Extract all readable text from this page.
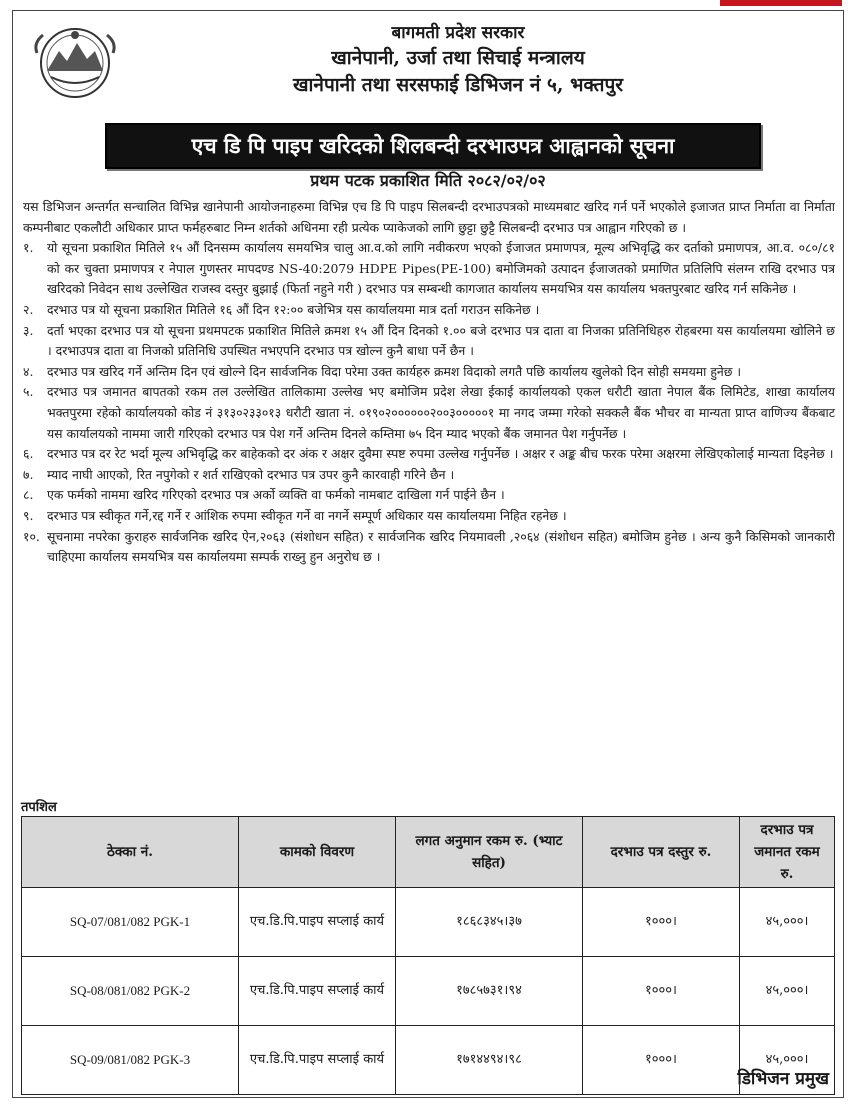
बागमती प्रदेश सरकार
खानेपानी, उर्जा तथा सिचाई मन्त्रालय
खानेपानी तथा सरसफाई डिभिजन नं ५, भक्तपुर
एच डि पि पाइप खरिदको शिलबन्दी दरभाउपत्र आह्वानको सूचना
प्रथम पटक प्रकाशित मिति २०८२/०२/०२

यस डिभिजन अन्तर्गत सन्चालित विभिन्न खानेपानी आयोजनाहरुमा विभिन्न एच डि पि पाइप सिलबन्दी दरभाउपत्रको माध्यमबाट खरिद गर्न पर्ने भएकोले इजाजत प्राप्त निर्माता वा निर्माता कम्पनीबाट एकलौटी अधिकार प्राप्त फर्महरुबाट निम्न शर्तको अधिनमा रही प्रत्येक प्याकेजको लागि छुट्टा छुट्टै सिलबन्दी दरभाउ पत्र आह्वान गरिएको छ ।

१.	यो सूचना प्रकाशित मितिले १५ औं दिनसम्म कार्यालय समयभित्र चालु आ.व.को लागि नवीकरण भएको ईजाजत प्रमाणपत्र, मूल्य अभिवृद्धि कर दर्ताको प्रमाणपत्र, आ.व. ०८०/८१ को कर चुक्ता प्रमाणपत्र र नेपाल गुणस्तर मापदण्ड NS-40:2079 HDPE Pipes(PE-100) बमोजिमको उत्पादन ईजाजतको प्रमाणित प्रतिलिपि संलग्न राखि दरभाउ पत्र खरिदको निवेदन साथ उल्लेखित राजस्व दस्तुर बुझाई (फिर्ता नहुने गरी ) दरभाउ पत्र सम्बन्धी कागजात कार्यालय समयभित्र यस कार्यालय भक्तपुरबाट खरिद गर्न सकिनेछ ।
२.	दरभाउ पत्र यो सूचना प्रकाशित मितिले १६ औं दिन १२:०० बजेभित्र यस कार्यालयमा मात्र दर्ता गराउन सकिनेछ ।
३.	दर्ता भएका दरभाउ पत्र यो सूचना प्रथमपटक प्रकाशित मितिले क्रमश १५ औं दिन दिनको १.०० बजे दरभाउ पत्र दाता वा निजका प्रतिनिधिहरु रोहबरमा यस कार्यालयमा खोलिने छ । दरभाउपत्र दाता वा निजको प्रतिनिधि उपस्थित नभएपनि दरभाउ पत्र खोल्न कुनै बाधा पर्ने छैन ।
४.	दरभाउ पत्र खरिद गर्ने अन्तिम दिन एवं खोल्ने दिन सार्वजनिक विदा परेमा उक्त कार्यहरु क्रमश विदाको लगतै पछि कार्यालय खुलेको दिन सोही समयमा हुनेछ ।
५.	दरभाउ पत्र जमानत बापतको रकम तल उल्लेखित तालिकामा उल्लेख भए बमोजिम प्रदेश लेखा ईकाई कार्यालयको एकल धरौटी खाता नेपाल बैंक लिमिटेड, शाखा कार्यालय भक्तपुरमा रहेको कार्यालयको कोड नं ३१३०२३३०१३ धरौटी खाता नं. ०१९०२००००००२००३०००००१ मा नगद जम्मा गरेको सक्कलै बैंक भौचर वा मान्यता प्राप्त वाणिज्य बैंकबाट यस कार्यालयको नाममा जारी गरिएको दरभाउ पत्र पेश गर्ने अन्तिम दिनले कम्तिमा ७५ दिन म्याद भएको बैंक जमानत पेश गर्नुपर्नेछ ।
६.	दरभाउ पत्र दर रेट भर्दा मूल्य अभिवृद्धि कर बाहेकको दर अंक र अक्षर दुवैमा स्पष्ट रुपमा उल्लेख गर्नुपर्नेछ । अक्षर र अङ्क बीच फरक परेमा अक्षरमा लेखिएकोलाई मान्यता दिइनेछ ।
७.	म्याद नाघी आएको, रित नपुगेको र शर्त राखिएको दरभाउ पत्र उपर कुनै कारवाही गरिने छैन ।
८.	एक फर्मको नाममा खरिद गरिएको दरभाउ पत्र अर्को व्यक्ति वा फर्मको नामबाट दाखिला गर्न पाईने छैन ।
९.	दरभाउ पत्र स्वीकृत गर्ने,रद्द गर्ने र आंशिक रुपमा स्वीकृत गर्ने वा नगर्ने सम्पूर्ण अधिकार यस कार्यालयमा निहित रहनेछ ।
१०. सूचनामा नपरेका कुराहरु सार्वजनिक खरिद ऐन,२०६३ (संशोधन सहित) र सार्वजनिक खरिद नियमावली ,२०६४ (संशोधन सहित) बमोजिम हुनेछ । अन्य कुनै किसिमको जानकारी चाहिएमा कार्यालय समयभित्र यस कार्यालयमा सम्पर्क राख्नु हुन अनुरोध छ ।
तपशिल
ठेक्का नं.	कामको विवरण	लगत अनुमान रकम रु. (भ्याट सहित)	दरभाउ पत्र दस्तुर रु.	दरभाउ पत्र जमानत रकम रु.
SQ-07/081/082 PGK-1	एच.डि.पि.पाइप सप्लाई कार्य	१८६८३४५।३७	१०००।	४५,०००।
SQ-08/081/082 PGK-2	एच.डि.पि.पाइप सप्लाई कार्य	१७८५७३१।९४	१०००।	४५,०००।
SQ-09/081/082 PGK-3	एच.डि.पि.पाइप सप्लाई कार्य	१७१४४९४।९८	१०००।	४५,०००।
डिभिजन प्रमुख
